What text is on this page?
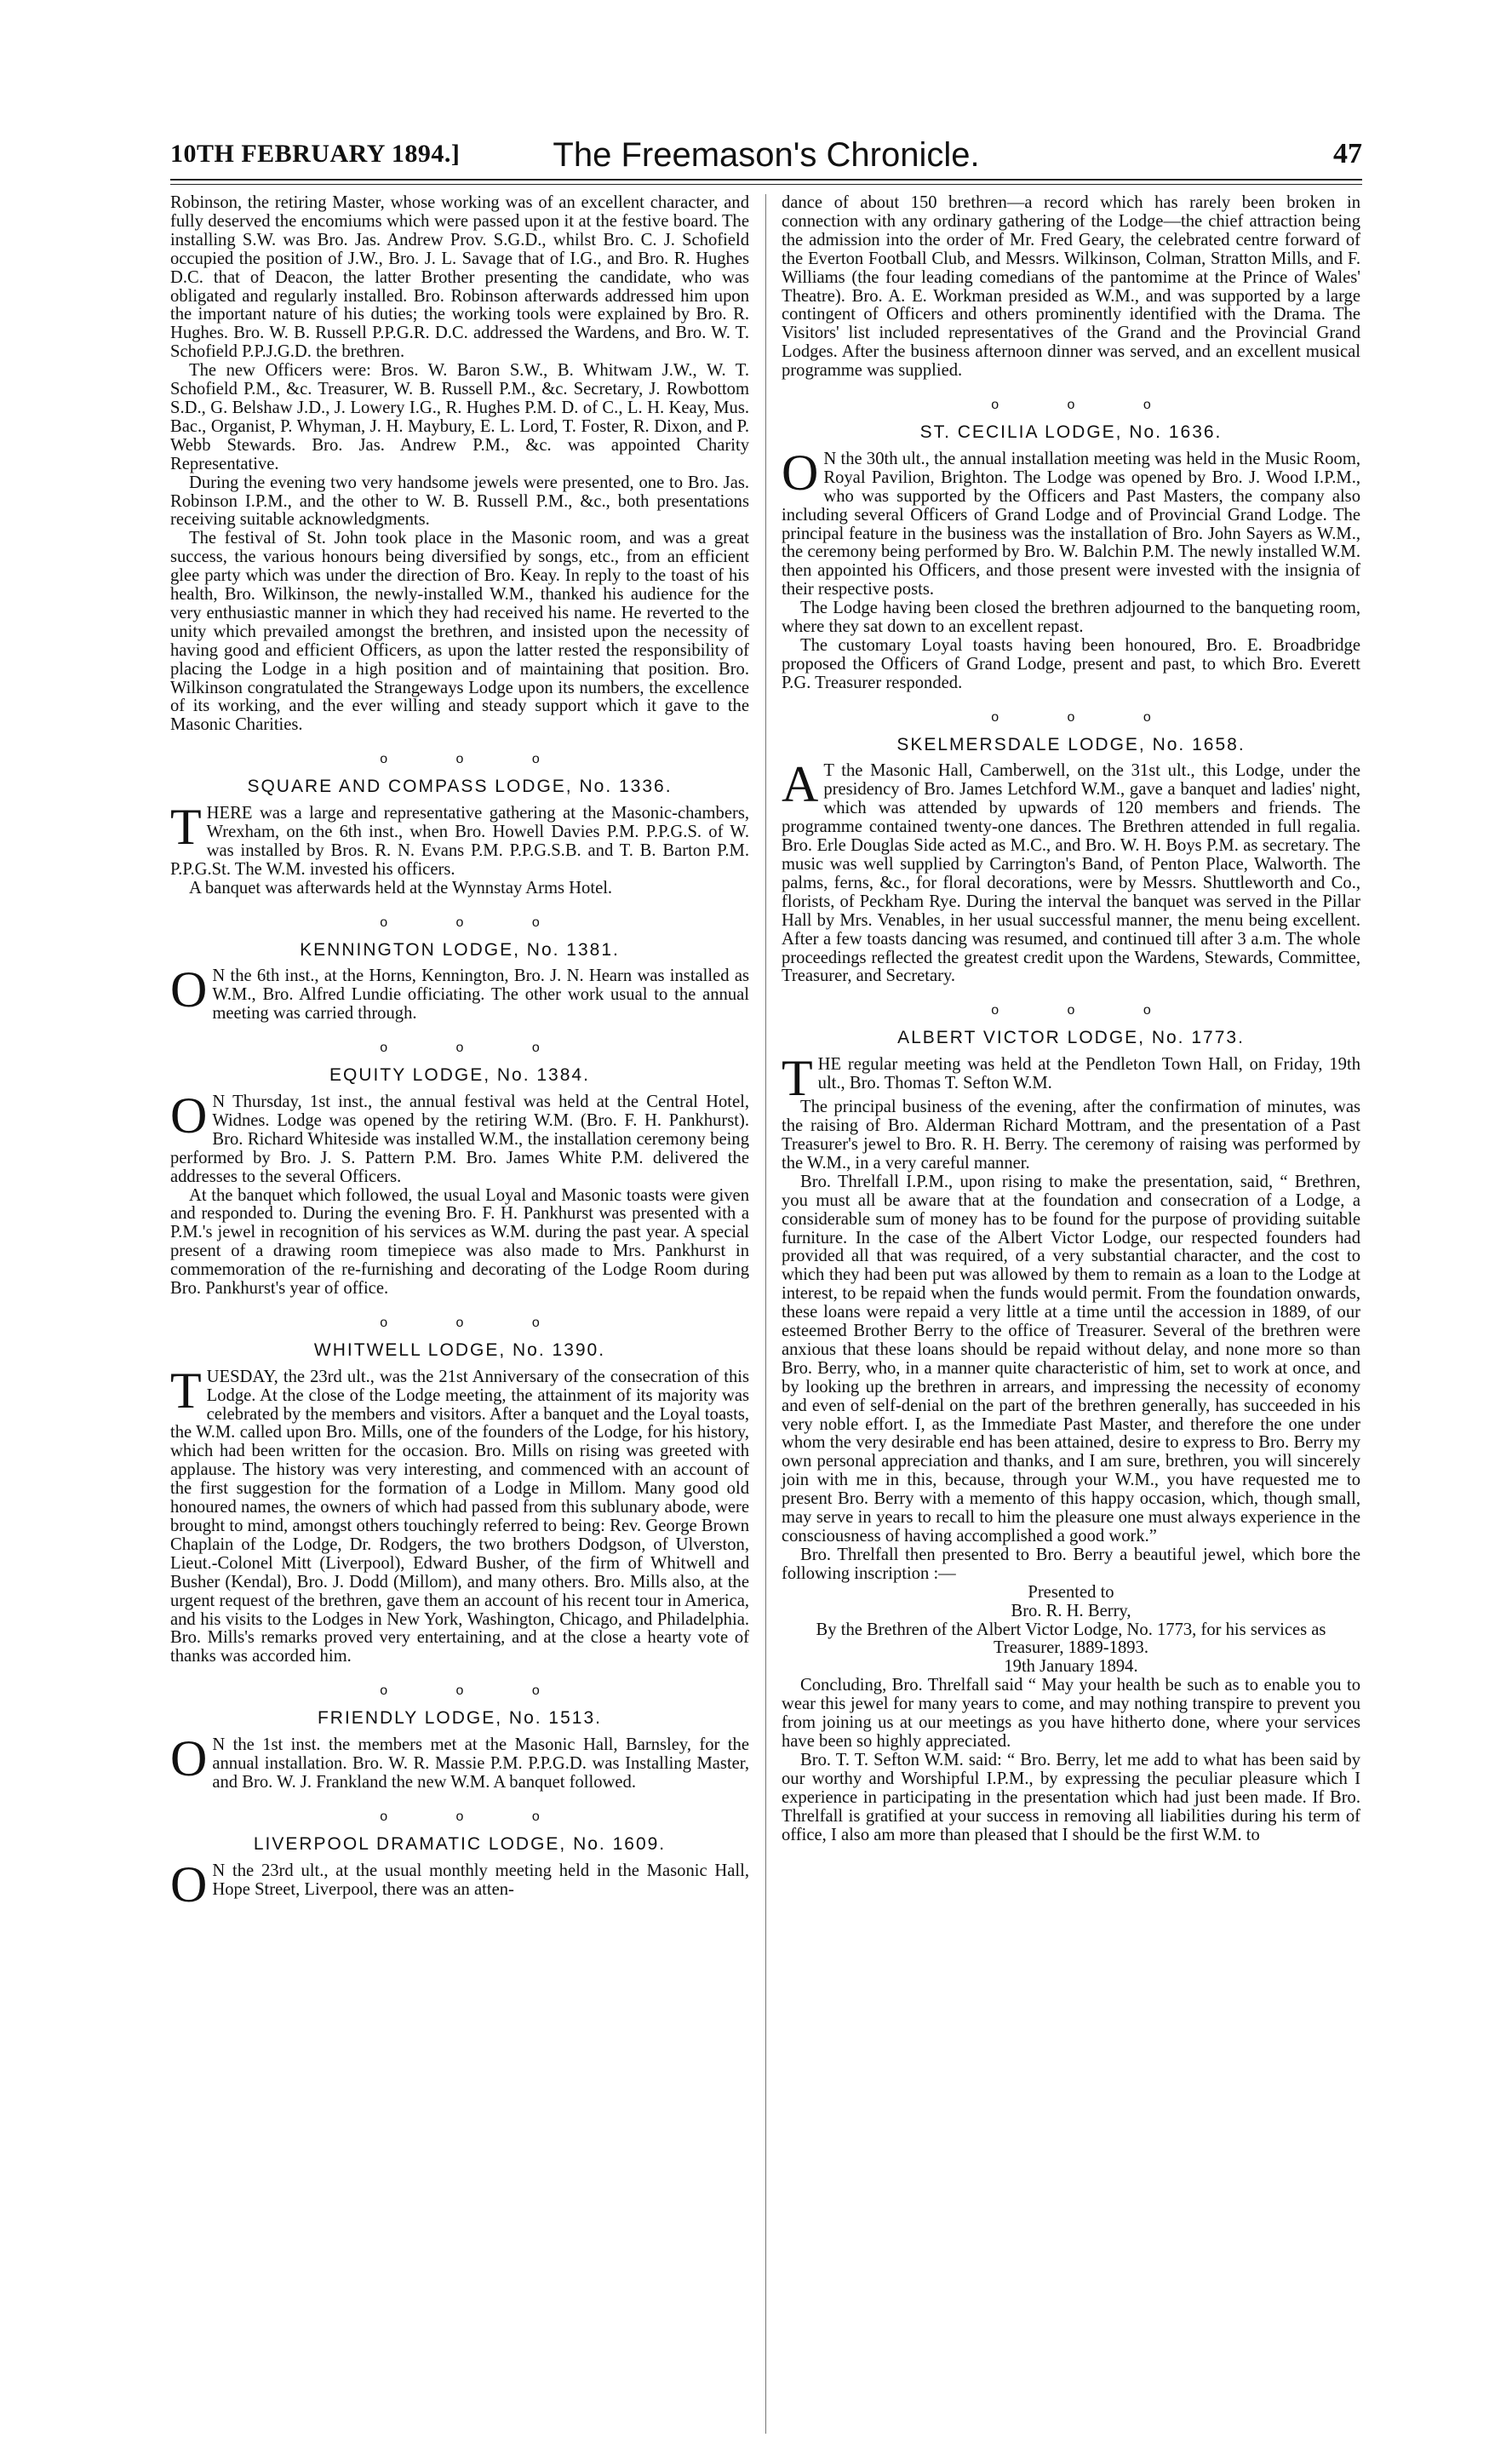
10TH FEBRUARY 1894.]	The Freemason's Chronicle.	47

Robinson, the retiring Master, whose working was of an excellent character, and fully deserved the encomiums which were passed upon it at the festive board. The installing S.W. was Bro. Jas. Andrew Prov. S.G.D., whilst Bro. C. J. Schofield occupied the position of J.W., Bro. J. L. Savage that of I.G., and Bro. R. Hughes D.C. that of Deacon, the latter Brother presenting the candidate, who was obligated and regularly installed. Bro. Robinson afterwards addressed him upon the important nature of his duties; the working tools were explained by Bro. R. Hughes. Bro. W. B. Russell P.P.G.R. D.C. addressed the Wardens, and Bro. W. T. Schofield P.P.J.G.D. the brethren.

The new Officers were: Bros. W. Baron S.W., B. Whitwam J.W., W. T. Schofield P.M., &c. Treasurer, W. B. Russell P.M., &c. Secretary, J. Rowbottom S.D., G. Belshaw J.D., J. Lowery I.G., R. Hughes P.M. D. of C., L. H. Keay, Mus. Bac., Organist, P. Whyman, J. H. Maybury, E. L. Lord, T. Foster, R. Dixon, and P. Webb Stewards. Bro. Jas. Andrew P.M., &c. was appointed Charity Representative.

During the evening two very handsome jewels were presented, one to Bro. Jas. Robinson I.P.M., and the other to W. B. Russell P.M., &c., both presentations receiving suitable acknowledgments.

The festival of St. John took place in the Masonic room, and was a great success, the various honours being diversified by songs, etc., from an efficient glee party which was under the direction of Bro. Keay. In reply to the toast of his health, Bro. Wilkinson, the newly-installed W.M., thanked his audience for the very enthusiastic manner in which they had received his name. He reverted to the unity which prevailed amongst the brethren, and insisted upon the necessity of having good and efficient Officers, as upon the latter rested the responsibility of placing the Lodge in a high position and of maintaining that position. Bro. Wilkinson congratulated the Strangeways Lodge upon its numbers, the excellence of its working, and the ever willing and steady support which it gave to the Masonic Charities.

o o o
SQUARE AND COMPASS LODGE, No. 1336.

THERE was a large and representative gathering at the Masonic-chambers, Wrexham, on the 6th inst., when Bro. Howell Davies P.M. P.P.G.S. of W. was installed by Bros. R. N. Evans P.M. P.P.G.S.B. and T. B. Barton P.M. P.P.G.St. The W.M. invested his officers.

A banquet was afterwards held at the Wynnstay Arms Hotel.

o o o
KENNINGTON LODGE, No. 1381.

O N the 6th inst., at the Horns, Kennington, Bro. J. N. Hearn was installed as W.M., Bro. Alfred Lundie officiating. The other work usual to the annual meeting was carried through.

o o o
EQUITY LODGE, No. 1384.

O N Thursday, 1st inst., the annual festival was held at the Central Hotel, Widnes. Lodge was opened by the retiring W.M. (Bro. F. H. Pankhurst). Bro. Richard Whiteside was installed W.M., the installation ceremony being performed by Bro. J. S. Pattern P.M. Bro. James White P.M. delivered the addresses to the several Officers.

At the banquet which followed, the usual Loyal and Masonic toasts were given and responded to. During the evening Bro. F. H. Pankhurst was presented with a P.M.'s jewel in recognition of his services as W.M. during the past year. A special present of a drawing room timepiece was also made to Mrs. Pankhurst in commemoration of the re-furnishing and decorating of the Lodge Room during Bro. Pankhurst's year of office.

o o o
WHITWELL LODGE, No. 1390.

TUESDAY, the 23rd ult., was the 21st Anniversary of the consecration of this Lodge. At the close of the Lodge meeting, the attainment of its majority was celebrated by the members and visitors. After a banquet and the Loyal toasts, the W.M. called upon Bro. Mills, one of the founders of the Lodge, for his history, which had been written for the occasion. Bro. Mills on rising was greeted with applause. The history was very interesting, and commenced with an account of the first suggestion for the formation of a Lodge in Millom. Many good old honoured names, the owners of which had passed from this sublunary abode, were brought to mind, amongst others touchingly referred to being: Rev. George Brown Chaplain of the Lodge, Dr. Rodgers, the two brothers Dodgson, of Ulverston, Lieut.-Colonel Mitt (Liverpool), Edward Busher, of the firm of Whitwell and Busher (Kendal), Bro. J. Dodd (Millom), and many others. Bro. Mills also, at the urgent request of the brethren, gave them an account of his recent tour in America, and his visits to the Lodges in New York, Washington, Chicago, and Philadelphia. Bro. Mills's remarks proved very entertaining, and at the close a hearty vote of thanks was accorded him.

o o o
FRIENDLY LODGE, No. 1513.

O N the 1st inst. the members met at the Masonic Hall, Barnsley, for the annual installation. Bro. W. R. Massie P.M. P.P.G.D. was Installing Master, and Bro. W. J. Frankland the new W.M. A banquet followed.

o o o
LIVERPOOL DRAMATIC LODGE, No. 1609.

O N the 23rd ult., at the usual monthly meeting held in the Masonic Hall, Hope Street, Liverpool, there was an atten-

dance of about 150 brethren—a record which has rarely been broken in connection with any ordinary gathering of the Lodge—the chief attraction being the admission into the order of Mr. Fred Geary, the celebrated centre forward of the Everton Football Club, and Messrs. Wilkinson, Colman, Stratton Mills, and F. Williams (the four leading comedians of the pantomime at the Prince of Wales' Theatre). Bro. A. E. Workman presided as W.M., and was supported by a large contingent of Officers and others prominently identified with the Drama. The Visitors' list included representatives of the Grand and the Provincial Grand Lodges. After the business afternoon dinner was served, and an excellent musical programme was supplied.

o o o
ST. CECILIA LODGE, No. 1636.

O N the 30th ult., the annual installation meeting was held in the Music Room, Royal Pavilion, Brighton. The Lodge was opened by Bro. J. Wood I.P.M., who was supported by the Officers and Past Masters, the company also including several Officers of Grand Lodge and of Provincial Grand Lodge. The principal feature in the business was the installation of Bro. John Sayers as W.M., the ceremony being performed by Bro. W. Balchin P.M. The newly installed W.M. then appointed his Officers, and those present were invested with the insignia of their respective posts.

The Lodge having been closed the brethren adjourned to the banqueting room, where they sat down to an excellent repast.

The customary Loyal toasts having been honoured, Bro. E. Broadbridge proposed the Officers of Grand Lodge, present and past, to which Bro. Everett P.G. Treasurer responded.

o o o
SKELMERSDALE LODGE, No. 1658.

A T the Masonic Hall, Camberwell, on the 31st ult., this Lodge, under the presidency of Bro. James Letchford W.M., gave a banquet and ladies' night, which was attended by upwards of 120 members and friends. The programme contained twenty-one dances. The Brethren attended in full regalia. Bro. Erle Douglas Side acted as M.C., and Bro. W. H. Boys P.M. as secretary. The music was well supplied by Carrington's Band, of Penton Place, Walworth. The palms, ferns, &c., for floral decorations, were by Messrs. Shuttleworth and Co., florists, of Peckham Rye. During the interval the banquet was served in the Pillar Hall by Mrs. Venables, in her usual successful manner, the menu being excellent. After a few toasts dancing was resumed, and continued till after 3 a.m. The whole proceedings reflected the greatest credit upon the Wardens, Stewards, Committee, Treasurer, and Secretary.

o o o
ALBERT VICTOR LODGE, No. 1773.

THE regular meeting was held at the Pendleton Town Hall, on Friday, 19th ult., Bro. Thomas T. Sefton W.M.

The principal business of the evening, after the confirmation of minutes, was the raising of Bro. Alderman Richard Mottram, and the presentation of a Past Treasurer's jewel to Bro. R. H. Berry. The ceremony of raising was performed by the W.M., in a very careful manner.

Bro. Threlfall I.P.M., upon rising to make the presentation, said, “ Brethren, you must all be aware that at the foundation and consecration of a Lodge, a considerable sum of money has to be found for the purpose of providing suitable furniture. In the case of the Albert Victor Lodge, our respected founders had provided all that was required, of a very substantial character, and the cost to which they had been put was allowed by them to remain as a loan to the Lodge at interest, to be repaid when the funds would permit. From the foundation onwards, these loans were repaid a very little at a time until the accession in 1889, of our esteemed Brother Berry to the office of Treasurer. Several of the brethren were anxious that these loans should be repaid without delay, and none more so than Bro. Berry, who, in a manner quite characteristic of him, set to work at once, and by looking up the brethren in arrears, and impressing the necessity of economy and even of self-denial on the part of the brethren generally, has succeeded in his very noble effort. I, as the Immediate Past Master, and therefore the one under whom the very desirable end has been attained, desire to express to Bro. Berry my own personal appreciation and thanks, and I am sure, brethren, you will sincerely join with me in this, because, through your W.M., you have requested me to present Bro. Berry with a memento of this happy occasion, which, though small, may serve in years to recall to him the pleasure one must always experience in the consciousness of having accomplished a good work.”

Bro. Threlfall then presented to Bro. Berry a beautiful jewel, which bore the following inscription :—

Presented to

Bro. R. H. Berry,

By the Brethren of the Albert Victor Lodge, No. 1773, for his services as Treasurer, 1889-1893.

19th January 1894.

Concluding, Bro. Threlfall said “ May your health be such as to enable you to wear this jewel for many years to come, and may nothing transpire to prevent you from joining us at our meetings as you have hitherto done, where your services have been so highly appreciated.

Bro. T. T. Sefton W.M. said: “ Bro. Berry, let me add to what has been said by our worthy and Worshipful I.P.M., by expressing the peculiar pleasure which I experience in participating in the presentation which had just been made. If Bro. Threlfall is gratified at your success in removing all liabilities during his term of office, I also am more than pleased that I should be the first W.M. to
